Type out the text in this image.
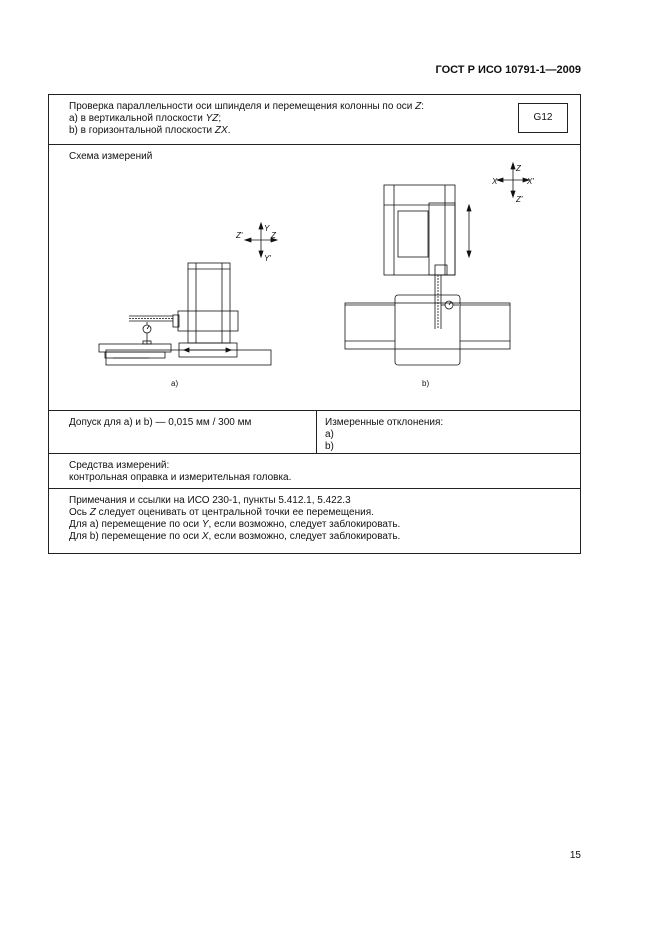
ГОСТ Р ИСО 10791-1—2009
Проверка параллельности оси шпинделя и перемещения колонны по оси Z:
a) в вертикальной плоскости YZ;
b) в горизонтальной плоскости ZX.
G12
Схема измерений
Y
Y'
Z'	Z
a)
Z
Z'
X	X'
b)
Допуск для a) и b) — 0,015 мм / 300 мм	Измеренные отклонения:
a)
b)
Средства измерений:
контрольная оправка и измерительная головка.
Примечания и ссылки на ИСО 230-1, пункты 5.412.1, 5.422.3
Ось Z следует оценивать от центральной точки ее перемещения.
Для a) перемещение по оси Y, если возможно, следует заблокировать.
Для b) перемещение по оси X, если возможно, следует заблокировать.
15
